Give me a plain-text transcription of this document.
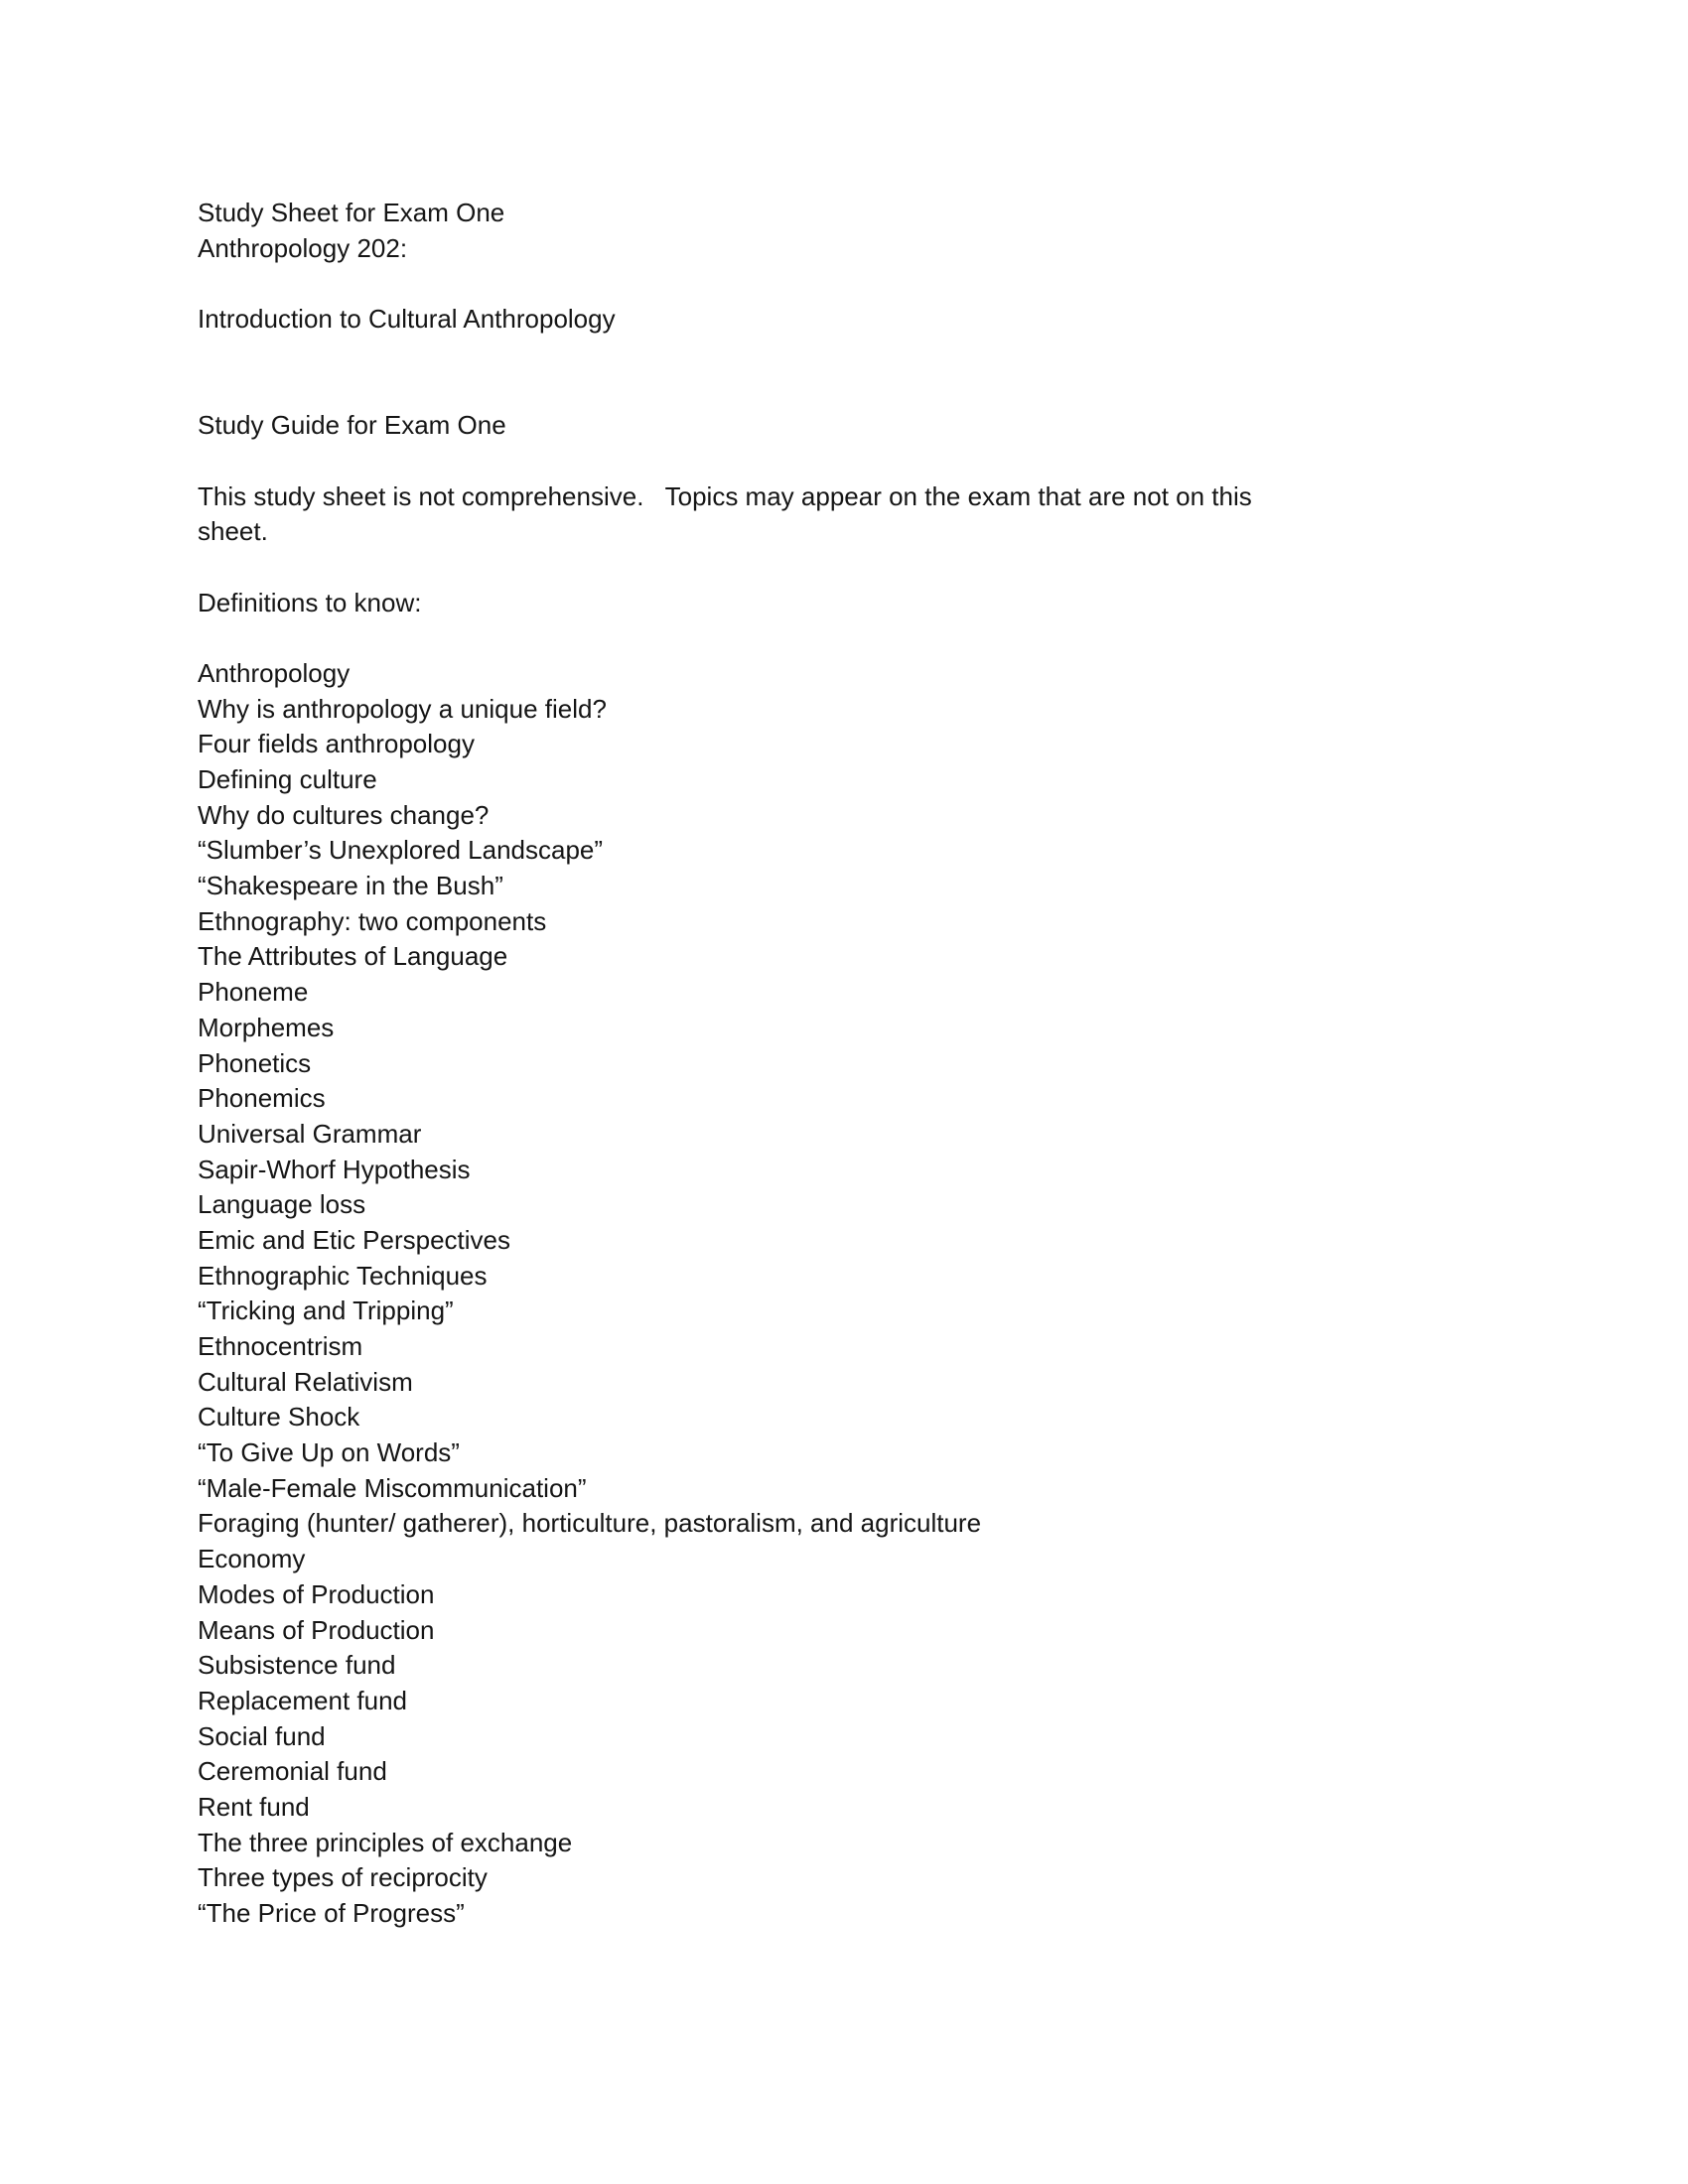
Study Sheet for Exam One
Anthropology 202:
Introduction to Cultural Anthropology
Study Guide for Exam One
This study sheet is not comprehensive.   Topics may appear on the exam that are not on this
sheet.
Definitions to know:
Anthropology
Why is anthropology a unique field?
Four fields anthropology
Defining culture
Why do cultures change?
“Slumber’s Unexplored Landscape”
“Shakespeare in the Bush”
Ethnography: two components
The Attributes of Language
Phoneme
Morphemes
Phonetics
Phonemics
Universal Grammar
Sapir-Whorf Hypothesis
Language loss
Emic and Etic Perspectives
Ethnographic Techniques
“Tricking and Tripping”
Ethnocentrism
Cultural Relativism
Culture Shock
“To Give Up on Words”
“Male-Female Miscommunication”
Foraging (hunter/ gatherer), horticulture, pastoralism, and agriculture
Economy
Modes of Production
Means of Production
Subsistence fund
Replacement fund
Social fund
Ceremonial fund
Rent fund
The three principles of exchange
Three types of reciprocity
“The Price of Progress”
